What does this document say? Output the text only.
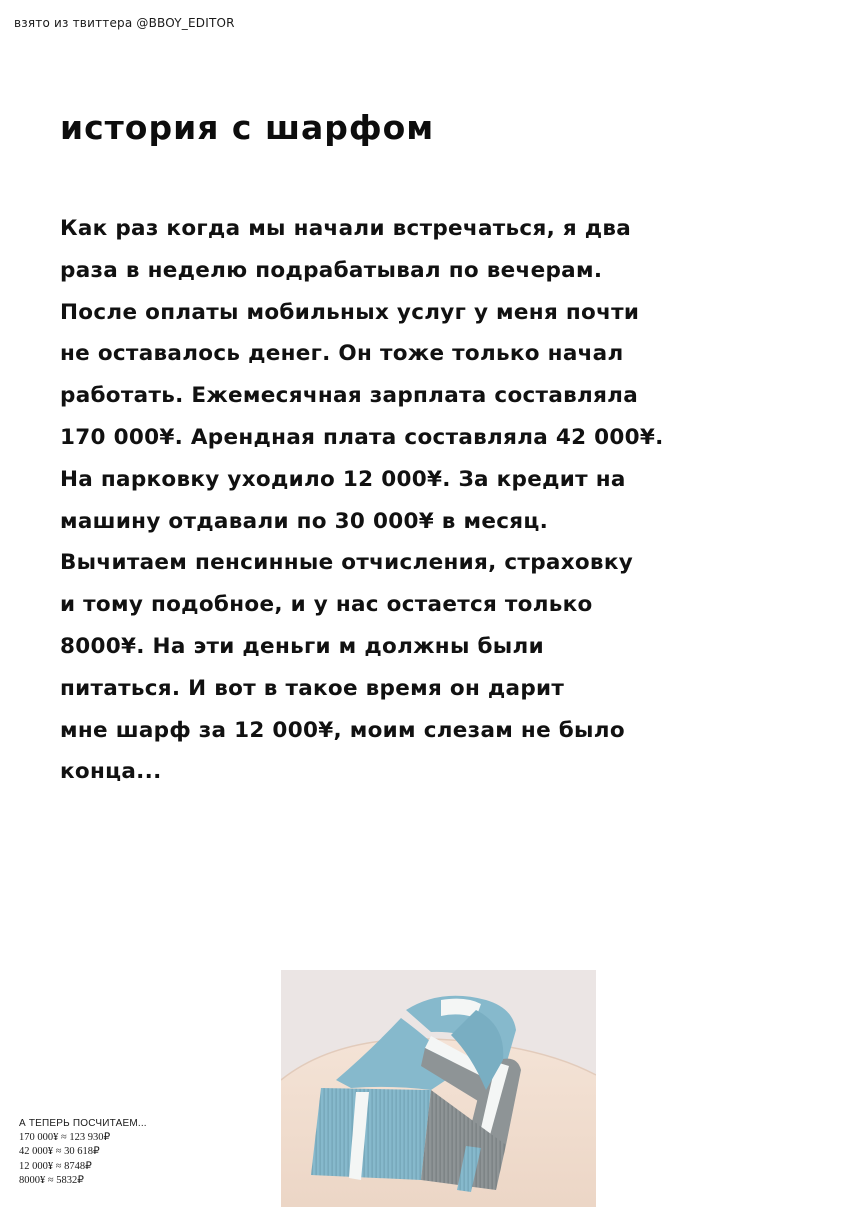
взято из твиттера @BBOY_EDITOR
история с шарфом
Как раз когда мы начали встречаться, я два
раза в неделю подрабатывал по вечерам.
После оплаты мобильных услуг у меня почти
не оставалось денег. Он тоже только начал
работать. Ежемесячная зарплата составляла
170 000¥. Арендная плата составляла 42 000¥.
На парковку уходило 12 000¥. За кредит на
машину отдавали по 30 000¥ в месяц.
Вычитаем пенсинные отчисления, страховку
и тому подобное, и у нас остается только
8000¥. На эти деньги м должны были
питаться. И вот в такое время он дарит
мне шарф за 12 000¥, моим слезам не было
конца...
А ТЕПЕРЬ ПОСЧИТАЕМ...
170 000¥ ≈ 123 930₽
42 000¥ ≈ 30 618₽
12 000¥ ≈ 8748₽
8000¥ ≈ 5832₽
